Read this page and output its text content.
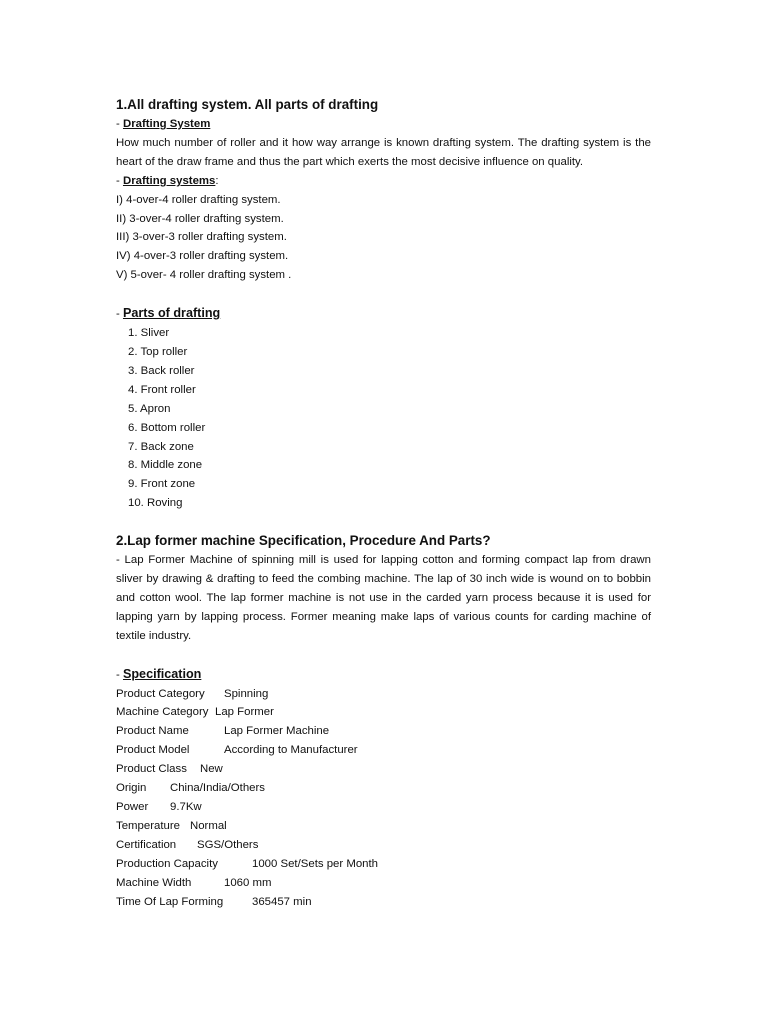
1.All drafting system. All parts of drafting

- Drafting System

How much number of roller and it how way arrange is known drafting system. The drafting system is the heart of the draw frame and thus the part which exerts the most decisive influence on quality.

- Drafting systems:

I) 4-over-4 roller drafting system.

II) 3-over-4 roller drafting system.

III) 3-over-3 roller drafting system.

IV) 4-over-3 roller drafting system.

V) 5-over- 4 roller drafting system .

- Parts of drafting

1. Sliver
2. Top roller
3. Back roller
4. Front roller
5. Apron
6. Bottom roller
7. Back zone
8. Middle zone
9. Front zone
10. Roving
2.Lap former machine Specification, Procedure And Parts?

- Lap Former Machine of spinning mill is used for lapping cotton and forming compact lap from drawn sliver by drawing & drafting to feed the combing machine. The lap of 30 inch wide is wound on to bobbin and cotton wool. The lap former machine is not use in the carded yarn process because it is used for lapping yarn by lapping process. Former meaning make laps of various counts for carding machine of textile industry.

- Specification

Product Category Spinning

Machine Category Lap Former

Product Name	Lap Former Machine

Product Model	According to Manufacturer

Product Class New

Origin China/India/Others

Power 9.7Kw

Temperature Normal

Certification SGS/Others

Production Capacity	1000 Set/Sets per Month

Machine Width	1060 mm

Time Of Lap Forming	365457 min
